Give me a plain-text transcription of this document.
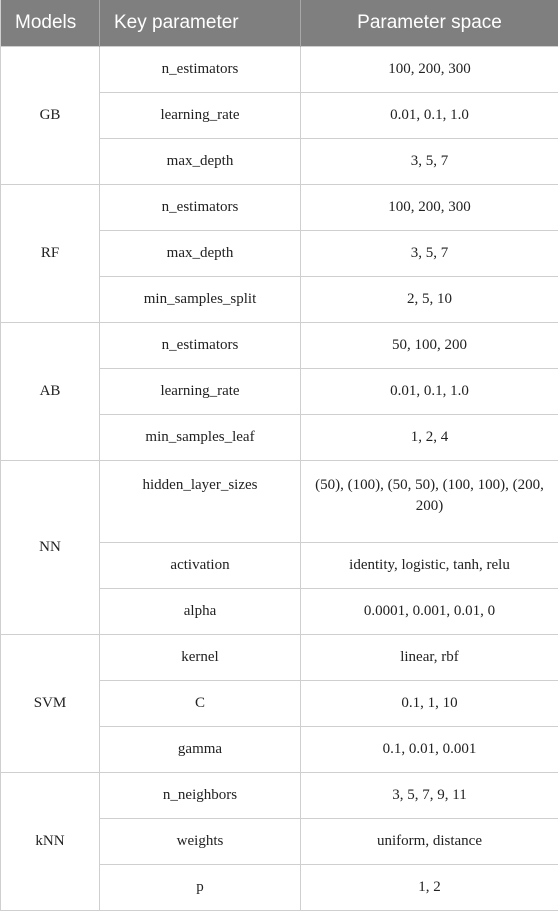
Models	Key parameter	Parameter space
GB	n_estimators	100, 200, 300
	learning_rate	0.01, 0.1, 1.0
	max_depth	3, 5, 7
RF	n_estimators	100, 200, 300
	max_depth	3, 5, 7
	min_samples_split	2, 5, 10
AB	n_estimators	50, 100, 200
	learning_rate	0.01, 0.1, 1.0
	min_samples_leaf	1, 2, 4
NN	hidden_layer_sizes	(50), (100), (50, 50), (100, 100), (200, 200)
	activation	identity, logistic, tanh, relu
	alpha	0.0001, 0.001, 0.01, 0
SVM	kernel	linear, rbf
	C	0.1, 1, 10
	gamma	0.1, 0.01, 0.001
kNN	n_neighbors	3, 5, 7, 9, 11
	weights	uniform, distance
	p	1, 2
